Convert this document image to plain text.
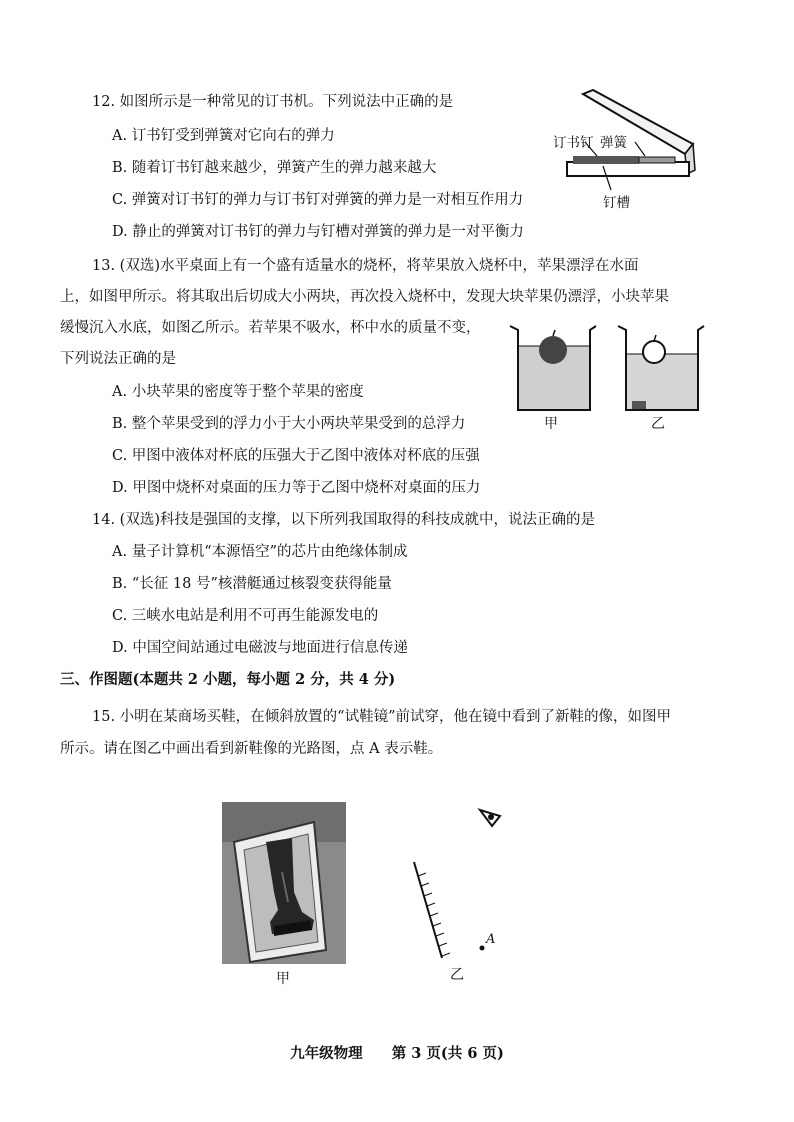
12. 如图所示是一种常见的订书机。下列说法中正确的是
A. 订书钉受到弹簧对它向右的弹力
B. 随着订书钉越来越少，弹簧产生的弹力越来越大
C. 弹簧对订书钉的弹力与订书钉对弹簧的弹力是一对相互作用力
D. 静止的弹簧对订书钉的弹力与钉槽对弹簧的弹力是一对平衡力
订书钉 弹簧
钉槽
13. (双选)水平桌面上有一个盛有适量水的烧杯，将苹果放入烧杯中，苹果漂浮在水面
上，如图甲所示。将其取出后切成大小两块，再次投入烧杯中，发现大块苹果仍漂浮，小块苹果
缓慢沉入水底，如图乙所示。若苹果不吸水，杯中水的质量不变，
下列说法正确的是
A. 小块苹果的密度等于整个苹果的密度
B. 整个苹果受到的浮力小于大小两块苹果受到的总浮力
C. 甲图中液体对杯底的压强大于乙图中液体对杯底的压强
D. 甲图中烧杯对桌面的压力等于乙图中烧杯对桌面的压力
甲	乙
14. (双选)科技是强国的支撑，以下所列我国取得的科技成就中，说法正确的是
A. 量子计算机“本源悟空”的芯片由绝缘体制成
B. “长征 18 号”核潜艇通过核裂变获得能量
C. 三峡水电站是利用不可再生能源发电的
D. 中国空间站通过电磁波与地面进行信息传递
三、作图题(本题共 2 小题，每小题 2 分，共 4 分)
15. 小明在某商场买鞋，在倾斜放置的“试鞋镜”前试穿，他在镜中看到了新鞋的像，如图甲
所示。请在图乙中画出看到新鞋像的光路图，点 A 表示鞋。
甲
A
乙
九年级物理 第 3 页(共 6 页)
